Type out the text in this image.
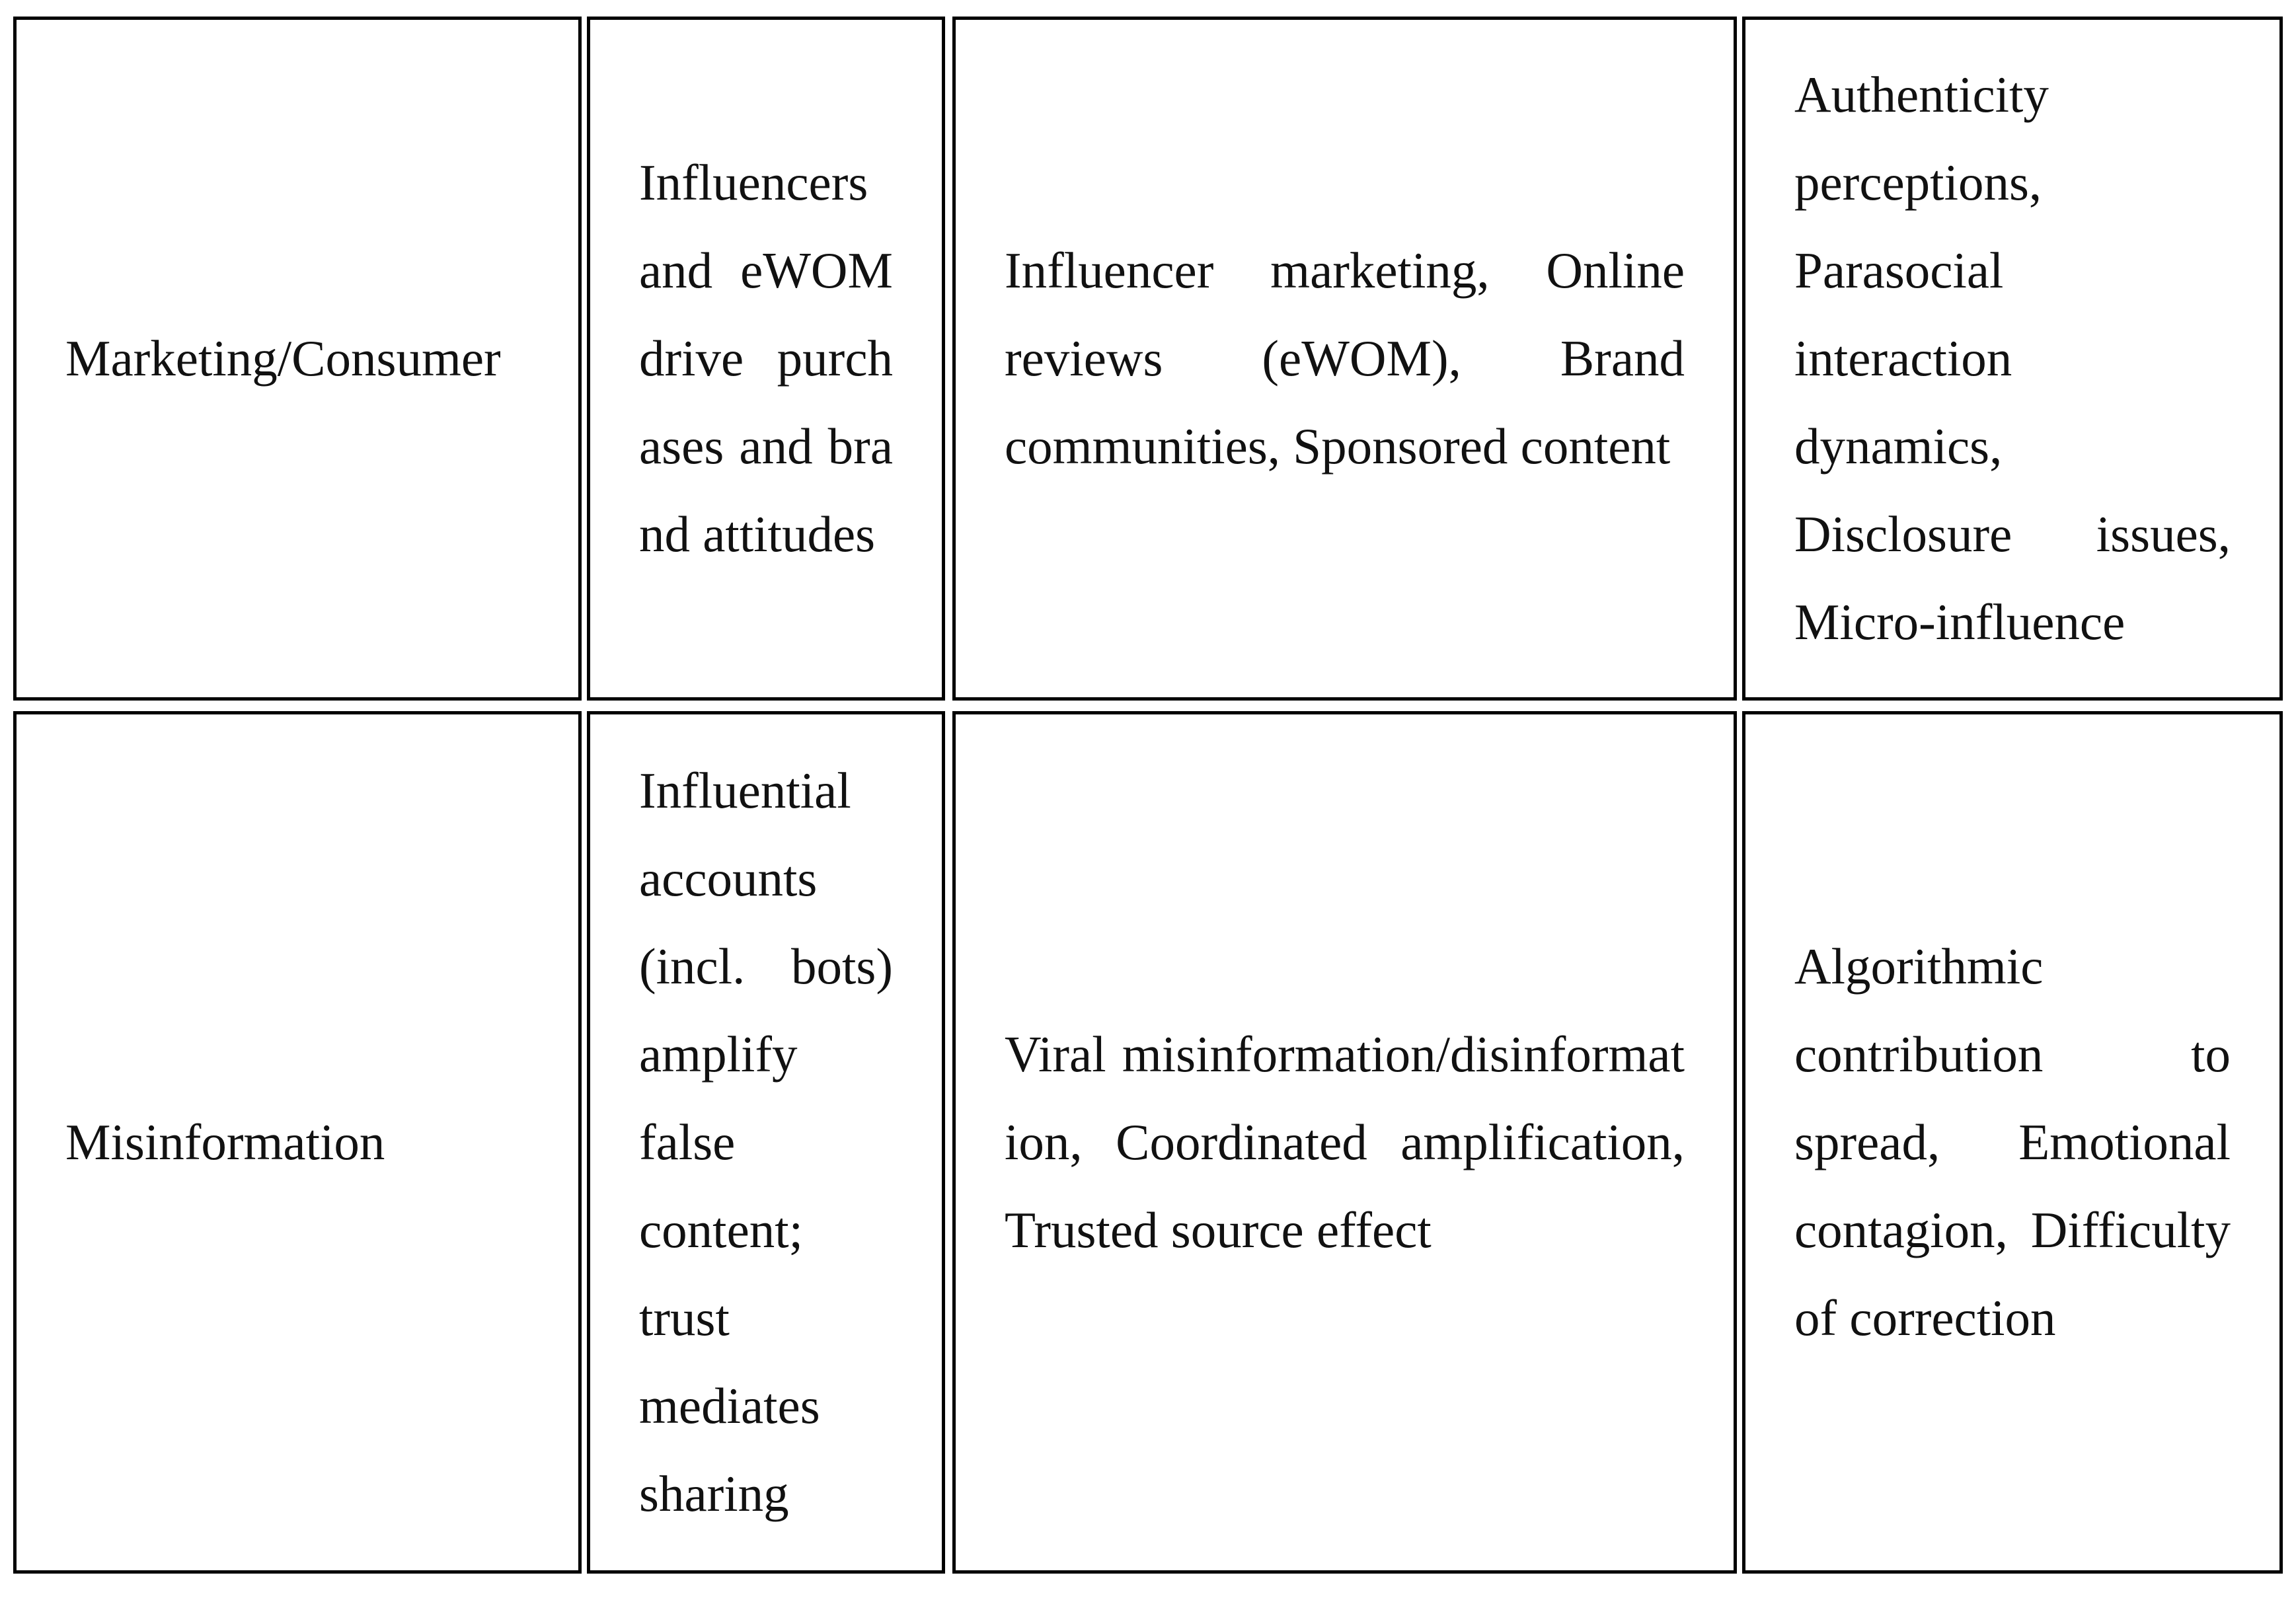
Marketing/Consumer
Influencers and eWOM drive purchases and brand attitudes
Influencer marketing, Online reviews (eWOM), Brand communities, Sponsored content
Authenticity perceptions, Parasocial interaction dynamics, Disclosure issues, Micro-influence
Misinformation
Influential accounts (incl. bots) amplify false content; trust mediates sharing
Viral misinformation/disinformation, Coordinated amplification, Trusted source effect
Algorithmic contribution to spread, Emotional contagion, Difficulty of correction
